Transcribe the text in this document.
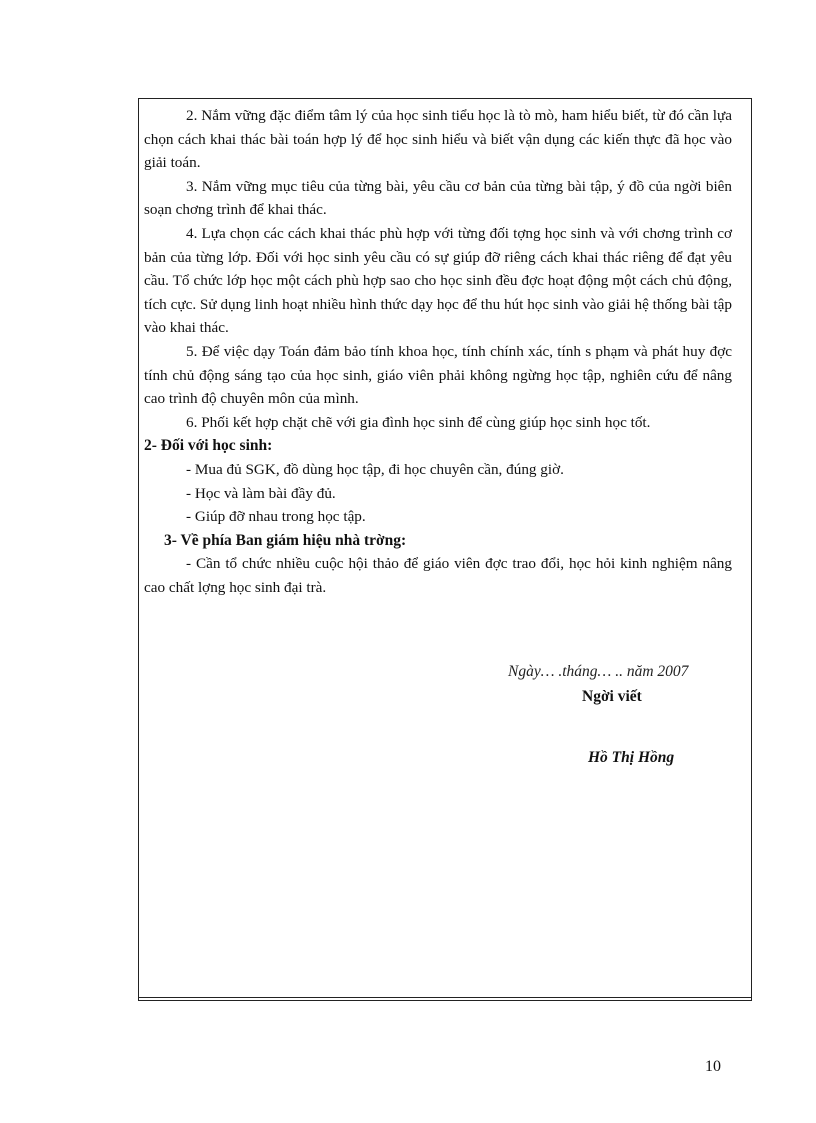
2. Nắm vững đặc điểm tâm lý của học sinh tiểu học là tò mò, ham hiểu biết, từ đó cần lựa chọn cách khai thác bài toán hợp lý để học sinh hiểu và biết vận dụng các kiến thực đã học vào giải toán.

3. Nắm vững mục tiêu của từng bài, yêu cầu cơ bản của từng bài tập, ý đồ của ngời biên soạn chơng trình để khai thác.

4. Lựa chọn các cách khai thác phù hợp với từng đối tợng học sinh và với chơng trình cơ bản của từng lớp. Đối với học sinh yêu cầu có sự giúp đỡ riêng cách khai thác riêng để đạt yêu cầu. Tổ chức lớp học một cách phù hợp sao cho học sinh đều đợc hoạt động một cách chủ động, tích cực. Sử dụng linh hoạt nhiều hình thức dạy học để thu hút học sinh vào giải hệ thống bài tập vào khai thác.

5. Để việc dạy Toán đảm bảo tính khoa học, tính chính xác, tính s phạm và phát huy đợc tính chủ động sáng tạo của học sinh, giáo viên phải không ngừng học tập, nghiên cứu để nâng cao trình độ chuyên môn của mình.

6. Phối kết hợp chặt chẽ với gia đình học sinh để cùng giúp học sinh học tốt.

2- Đối với học sinh:

- Mua đủ SGK, đồ dùng học tập, đi học chuyên cần, đúng giờ.

- Học và làm bài đầy đủ.

- Giúp đỡ nhau trong học tập.

3- Về phía Ban giám hiệu nhà trờng:

- Cần tổ chức nhiều cuộc hội thảo để giáo viên đợc trao đổi, học hỏi kinh nghiệm nâng cao chất lợng học sinh đại trà.

Ngày… .tháng… .. năm 2007
Ngời viết
Hồ Thị Hồng
10
